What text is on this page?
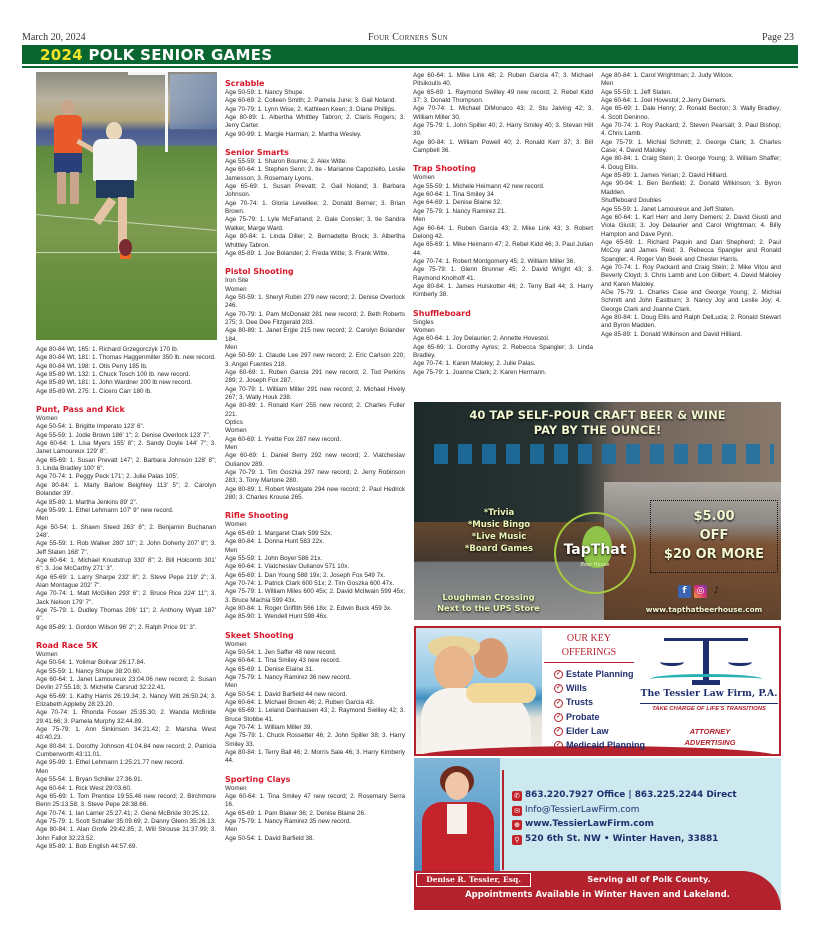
March 20, 2024	Four Corners Sun	Page 23
2024 POLK SENIOR GAMES
Age 80-84 Wt. 165: 1. Richard Grzegorczyk 170 lb.
Age 80-84 Wt. 181: 1. Thomas Haggenmiller 350 lb. new record.
Age 80-84 Wt. 198: 1. Otis Perry 185 lb.
Age 85-89 Wt. 132: 1. Chuck Tosch 100 lb. new record.
Age 85-89 Wt. 181: 1. John Wardner 200 lb new record.
Age 85-89 Wt. 275: 1. Cicero Carr 180 lb.
Punt, Pass and Kick
Women
Age 50-54: 1. Brigitte Imperato 123' 6".
Age 55-59: 1. Jodie Brown 186' 1"; 2. Denise Overlock 123' 7".
Age 60-64: 1. Lisa Myers 155' 8"; 2. Sandy Doyle 144' 7"; 3. Janet Lamoureux 129' 8".
Age 65-69: 1. Susan Prevatt 147'; 2. Barbara Johnson 128' 8"; 3. Linda Bradley 100' 6".
Age 70-74: 1. Peggy Peck 171'; 2. Julie Palas 105'.
Age 80-84: 1. Marty Barlow Beighley 113' 5"; 2. Carolyn Bolander 39'.
Age 85-89: 1. Martha Jenkins 89' 2".
Age 95-99: 1. Ethel Lehmann 107' 9" new record.
Men
Age 50-54: 1. Shawn Steed 263' 8"; 2. Benjamin Buchanan 248'.
Age 55-59: 1. Rob Walker 280' 10"; 2. John Doherty 207' 8"; 3. Jeff Slaten 168' 7".
Age 60-64: 1. Michael Knudstrup 330' 8"; 2. Bill Holcomb 301' 6"; 3. Joe McCarthy 271' 3".
Age 65-69: 1. Larry Sharpe 232' 8"; 2. Steve Pepe 219' 2"; 3. Alan Montague 202' 7".
Age 70-74: 1. Matt McGillen 293' 6"; 2. Bruce Rice 224' 11"; 3. Jack Nelson 179' 7".
Age 75-79: 1. Dudley Thomas 206' 11"; 2. Anthony Wyatt 187' 9".
Age 85-89: 1. Gordon Wilson 96' 2"; 2. Ralph Price 91' 3".
Road Race 5K
Women
Age 50-54: 1. Yolimar Bolivar 26:17.84.
Age 55-59: 1. Nancy Shupe 38:20.60.
Age 60-64: 1. Janet Lamoureux 23:04.06 new record; 2. Susan Devlin 27:55.18; 3. Michelle Carsrud 32:22.41.
Age 65-69: 1. Kathy Harris 26:19.34; 2. Nancy Witt 26:50.24; 3. Elizabeth Appleby 28:23.20.
Age 70-74: 1. Rhonda Fosser 25:35.30; 2. Wanda McBride 29:41.66; 3. Pamela Murphy 32:44.89.
Age 75-79: 1. Ann Sinkinson 34:21.42; 2. Marsha West 40:40.23.
Age 80-84: 1. Dorothy Johnson 41:04.84 new record; 2. Patricia Cumberworth 43:11.01.
Age 95-99: 1. Ethel Lehmann 1:25:21.77 new record.
Men
Age 55-54: 1. Bryan Schiller 27:36.91.
Age 60-64: 1. Rick West 29:03.60.
Age 65-69: 1. Tom Prentice 19:55.46 new record; 2. Birchmore Benn 25:13.58; 3. Steve Pepe 28:38.66.
Age 70-74: 1. Ian Larrier 25:27.41; 2. Gene McBride 30:25.12.
Age 75-79: 1. Scott Schaller 35:09.69; 2. Danny Glenn 35:26.13.
Age 80-84: 1. Alan Grofe 29:42.85; 2. Will Strouse 31:37.99; 3. John Fallot 32:23.52.
Age 85-89: 1. Bob English 44:57.69.
Scrabble
Age 50-59: 1. Nancy Shupe.
Age 60-69: 2. Colleen Smith; 2. Pamela June; 3. Gail Noland.
Age 70-79: 1. Lynn Wise; 2. Kathleen Keen; 3. Diane Phillips.
Age 80-89: 1. Albertha Whittley Tabron; 2. Claris Rogers; 3. Jerry Carter.
Age 90-99: 1. Margie Harman; 2. Martha Wesley.
Senior Smarts
Age 55-59: 1. Sharon Bourne; 2. Alex Witte.
Age 60-64: 1. Stephen Senn; 2. tie - Marianne Capoziello, Leslie Jamesson; 3. Rosemary Lyons.
Age 65-69: 1. Susan Prevatt; 2. Gail Noland; 3. Barbara Johnson.
Age 70-74: 1. Gloria Leveillee; 2. Donald Berner; 3. Brian Brown.
Age 75-79: 1. Lyle McFarland; 2. Gale Consler; 3. tie Sandra Walker, Marge Ward.
Age 80-84: 1. Linda Diller; 2. Bernadette Brock; 3. Albertha Whittley Tabron.
Age 85-89: 1. Joe Bolander; 2. Freda Witte; 3. Frank Witte.
Pistol Shooting
Iron Site
Women
Age 50-59: 1. Sheryl Rubin 279 new record; 2. Denise Overlock 246.
Age 70-79: 1. Pam McDonald 281 new record; 2. Beth Roberts 275; 3. Dee Dee Fitzgerald 203.
Age 80-89: 1. Janet Ergle 215 new record; 2. Carolyn Bolander 184.
Men
Age 50-59: 1. Claude Lee 297 new record; 2. Eric Carlson 220; 3. Angel Fuentes 218.
Age 60-69: 1. Ruben Garcia 291 new record; 2. Tod Perkins 289; 2. Joseph Fox 287.
Age 70-79: 1. William Miller 291 new record; 2. Michael Hively 267; 3. Wally Houk 238.
Age 80-89: 1. Ronald Kerr 255 new record; 2. Charles Fuller 221.
Optics
Women
Age 60-69: 1. Yvette Fox 287 new record.
Men
Age 60-69: 1. Daniel Berry 292 new record; 2. Viatcheslav Oulianov 289.
Age 70-79: 1. Tim Goszka 297 new record; 2. Jerry Robinson 283; 3. Tony Martone 280.
Age 80-89: 1. Robert Westgate 294 new record; 2. Paul Hedrick 280; 3. Charles Krouse 265.
Rifle Shooting
Women
Age 65-69: 1. Margaret Clark 599 52x.
Age 80-84: 1. Donna Hunt 583 22x.
Men
Age 55-59: 1. John Boyer 586 21x.
Age 60-64: 1. Viatcheslav Oulianov 571 10x.
Age 65-69: 1. Dan Young 588 19x; 2. Joseph Fox 549 7x.
Age 70-74: 1. Patrick Clark 600 51x; 2. Tim Goszka 600 47x.
Age 75-79: 1. William Miles 600 45x; 2. David McIlwain 599 45x; 3. Bruce Machia 599 43x.
Age 80-84: 1. Roger Griffith 566 18x; 2. Edwin Buck 459 3x.
Age 85-90: 1. Wendell Hunt 598 46x.
Skeet Shooting
Women
Age 50-54: 1. Jen Saffer 48 new record.
Age 60-64: 1. Tina Smiley 43 new record.
Age 65-69: 1. Denise Elaine 31.
Age 75-79: 1. Nancy Ramirez 36 new record.
Men
Age 50-54: 1. David Barfield 44 new record.
Age 60-64: 1. Michael Brown 46; 2. Ruben Garcia 43.
Age 65-69: 1. Leland Danhausen 43; 2. Raymond Swilley 42; 3. Bruce Stobbe 41.
Age 70-74: 1. William Miller 39.
Age 75-79: 1. Chuck Rossetter 46; 2. John Spiller 38; 3. Harry Smiley 33.
Age 80-84: 1. Terry Ball 46; 2. Morris Sale 46; 3. Harry Kimberly 44.
Sporting Clays
Women
Age 60-64: 1. Tina Smiley 47 new record; 2. Rosemary Serra 16.
Age 65-69: 1. Pam Blaker 36; 2. Denise Blaine 26.
Age 75-79: 1. Nancy Ramirez 35 new record.
Men
Age 50-54: 1. David Barfield 38.
Age 60-64: 1. Mike Link 48; 2. Ruben Garcia 47; 3. Michael Pitsikoulis 40.
Age 65-69: 1. Raymond Swilley 49 new record; 2. Rebel Kidd 37; 3. Donald Thompson.
Age 70-74: 1. Michael DiMonaco 43; 2. Stu Jalving 42; 3. William Miller 30.
Age 75-79: 1. John Spiller 40; 2. Harry Smiley 40; 3. Stevan Hill 39.
Age 80-84: 1. William Powell 40; 2. Ronald Kerr 37; 3. Bill Campbell 36.
Trap Shooting
Women
Age 55-59: 1. Michele Heimann 42 new record.
Age 60-64: 1. Tina Smiley 34
Age 64-69: 1. Denise Blaine 32.
Age 75-79: 1. Nancy Ramirez 21.
Men
Age 60-64: 1. Ruben Garcia 43; 2. Mike Link 43; 3. Robert Delong 42.
Age 65-69: 1. Mike Heimann 47; 2. Rebel Kidd 46; 3. Paul Julian 44.
Age 70-74: 1. Robert Montgomery 45; 2. William Miller 36.
Age 75-79: 1. Glenn Brunner 45; 2. David Wright 43; 3. Raymond Knolhoff 41.
Age 80-84: 1. James Hulskotter 46; 2. Terry Ball 44; 3. Harry Kimberly 38.
Shuffleboard
Singles
Women
Age 60-64: 1. Joy Delaurier; 2. Annette Hovestol.
Age 65-69: 1. Dorothy Ayres; 2. Rebecca Spangler; 3. Linda Bradley.
Age 70-74: 1. Karen Maloley; 2. Julie Palas.
Age 75-79: 1. Joanne Clark; 2. Karen Hermann.
Age 80-84: 1. Carol Wrightman; 2. Judy Wilcox.
Men
Age 55-59: 1. Jeff Slaten.
Age 60-64: 1. Joel Hovestol; 2.Jerry Demers.
Age 65-69: 1. Dale Henry; 2. Ronald Becton; 3. Wally Bradley; 4. Scott Deninno.
Age 70-74: 1. Roy Packard; 2. Steven Pearsall; 3. Paul Bishop; 4. Chris Lamb.
Age 75-79: 1. Michial Schmitt; 2. George Clark; 3. Charles Case; 4. David Maloley.
Age 80-84: 1. Craig Stein; 2. George Young; 3. William Shaffer; 4. Doug Ellis.
Age 85-89: 1. James Yerian; 2. David Hilliard.
Age 90-94: 1. Ben Benfield; 2. Donald Wilkinson; 3. Byron Madden.
Shuffleboard Doubles
Age 55-59: 1. Janet Lamoureux and Jeff Slaten.
Age 60-64: 1. Karl Herr and Jerry Demers; 2. David Giusti and Viola Giusti; 3. Joy Delaurier and Carol Wrightman; 4. Billy Hampton and Dave Pynn.
Age 65-69: 1. Richard Paquin and Dan Shepherd; 2. Paul McCoy and James Reid; 3. Rebecca Spangler and Ronald Spangler; 4. Roger Van Beek and Chester Harris.
Age 70-74: 1. Roy Packard and Craig Stein; 2. Mike Vitou and Beverly Cloyd; 3. Chris Lamb and Lon Gilbert; 4. David Maloley and Karen Maloley.
AGe 75-79: 1. Charles Case and George Young; 2. Michial Schmitt and John Eastburn; 3. Nancy Joy and Leslie Joy; 4. George Clark and Joanne Clark.
Age 80-84: 1. Doug Ellis and Ralph DelLucia; 2. Ronald Stewart and Byron Madden.
Age 85-89: 1. Donald Wilkinson and David Hilliard.
40 TAP SELF-POUR CRAFT BEER & WINE
PAY BY THE OUNCE!
*Trivia
*Music Bingo
*Live Music
*Board Games	TapThat
Beer House
$5.00
OFF
$20 OR MORE
f ◎ ♪
Loughman Crossing
Next to the UPS Store	www.tapthatbeerhouse.com
OUR KEY
OFFERINGS
✓ Estate Planning
✓ Wills
✓ Trusts
✓ Probate
✓ Elder Law
✓ Medicaid Planning
The Tessier Law Firm, P.A.
TAKE CHARGE OF LIFE'S TRANSITIONS
ATTORNEY
ADVERTISING
✆ 863.220.7927 Office | 863.225.2244 Direct
✉ Info@TessierLawFirm.com
⊕ www.TessierLawFirm.com
⚲ 520 6th St. NW • Winter Haven, 33881
Denise R. Tessier, Esq.	Serving all of Polk County.
Appointments Available in Winter Haven and Lakeland.
